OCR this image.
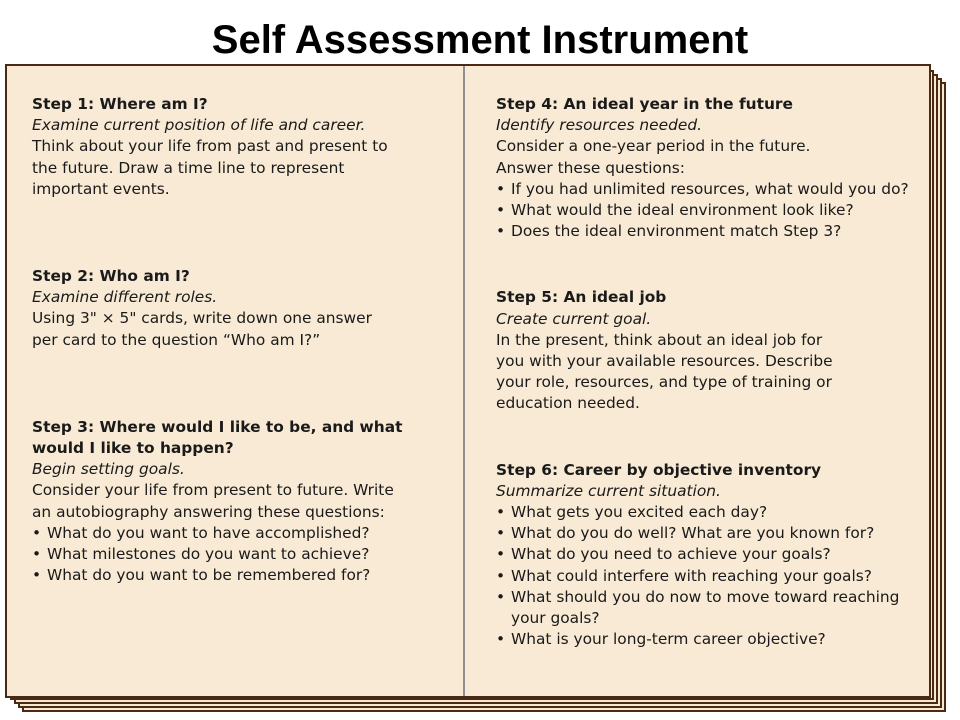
Self Assessment Instrument
Step 1: Where am I?
Examine current position of life and career.
Think about your life from past and present to
the future. Draw a time line to represent
important events.
Step 2: Who am I?
Examine different roles.
Using 3" × 5" cards, write down one answer
per card to the question “Who am I?”
Step 3: Where would I like to be, and what
would I like to happen?
Begin setting goals.
Consider your life from present to future. Write
an autobiography answering these questions:
• What do you want to have accomplished?
• What milestones do you want to achieve?
• What do you want to be remembered for?
Step 4: An ideal year in the future
Identify resources needed.
Consider a one-year period in the future.
Answer these questions:
• If you had unlimited resources, what would you do?
• What would the ideal environment look like?
• Does the ideal environment match Step 3?
Step 5: An ideal job
Create current goal.
In the present, think about an ideal job for
you with your available resources. Describe
your role, resources, and type of training or
education needed.
Step 6: Career by objective inventory
Summarize current situation.
• What gets you excited each day?
• What do you do well? What are you known for?
• What do you need to achieve your goals?
• What could interfere with reaching your goals?
• What should you do now to move toward reaching your goals?
• What is your long-term career objective?
